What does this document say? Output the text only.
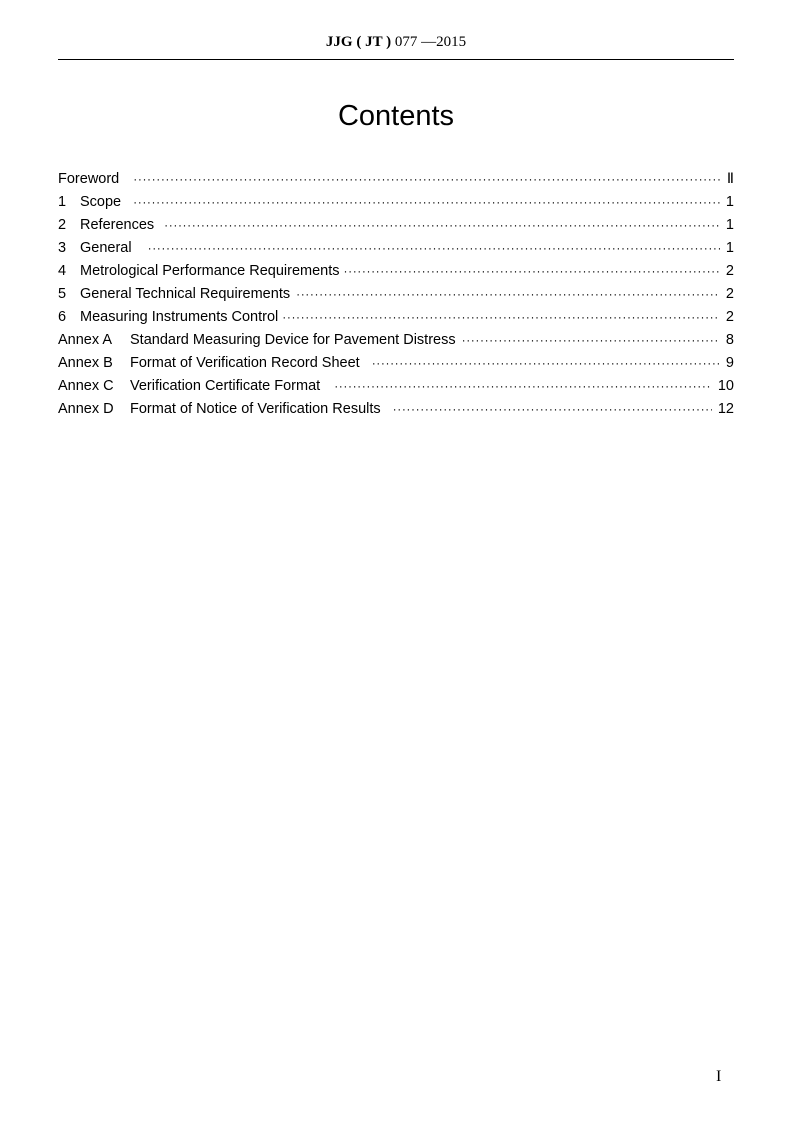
JJG ( JT ) 077 —2015
Contents
Foreword ·····	Ⅱ
1 Scope ·····	1
2 References ·····	1
3 General ·····	1
4 Metrological Performance Requirements ·····	2
5 General Technical Requirements ·····	2
6 Measuring Instruments Control ·····	2
Annex A	Standard Measuring Device for Pavement Distress ·····	8
Annex B	Format of Verification Record Sheet ·····	9
Annex C	Verification Certificate Format ·····	10
Annex D	Format of Notice of Verification Results ·····	12
I
